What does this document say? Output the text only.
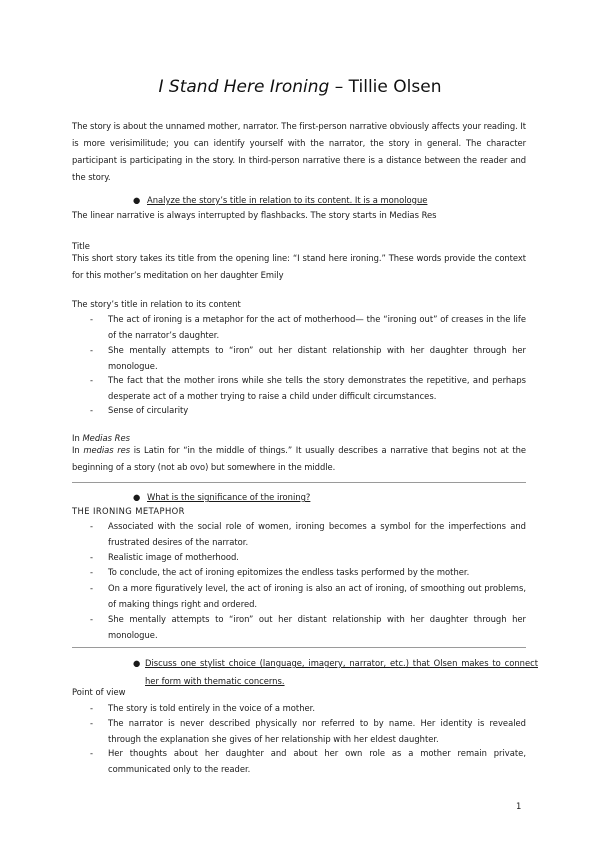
I Stand Here Ironing – Tillie Olsen
The story is about the unnamed mother, narrator. The first-person narrative obviously affects your reading. It is more verisimilitude; you can identify yourself with the narrator, the story in general. The character participant is participating in the story. In third-person narrative there is a distance between the reader and the story.
● Analyze the story’s title in relation to its content. It is a monologue
The linear narrative is always interrupted by flashbacks. The story starts in Medias Res
Title
This short story takes its title from the opening line: “I stand here ironing.” These words provide the context for this mother’s meditation on her daughter Emily
The story’s title in relation to its content
- The act of ironing is a metaphor for the act of motherhood— the “ironing out” of creases in the life of the narrator’s daughter.
- She mentally attempts to “iron” out her distant relationship with her daughter through her monologue.
- The fact that the mother irons while she tells the story demonstrates the repetitive, and perhaps desperate act of a mother trying to raise a child under difficult circumstances.
- Sense of circularity
In Medias Res
In medias res is Latin for “in the middle of things.” It usually describes a narrative that begins not at the beginning of a story (not ab ovo) but somewhere in the middle.
● What is the significance of the ironing?
THE IRONING METAPHOR
- Associated with the social role of women, ironing becomes a symbol for the imperfections and frustrated desires of the narrator.
- Realistic image of motherhood.
- To conclude, the act of ironing epitomizes the endless tasks performed by the mother.
- On a more figuratively level, the act of ironing is also an act of ironing, of smoothing out problems, of making things right and ordered.
- She mentally attempts to “iron” out her distant relationship with her daughter through her monologue.
● Discuss one stylist choice (language, imagery, narrator, etc.) that Olsen makes to connect her form with thematic concerns.
Point of view
- The story is told entirely in the voice of a mother.
- The narrator is never described physically nor referred to by name. Her identity is revealed through the explanation she gives of her relationship with her eldest daughter.
- Her thoughts about her daughter and about her own role as a mother remain private, communicated only to the reader.
1
